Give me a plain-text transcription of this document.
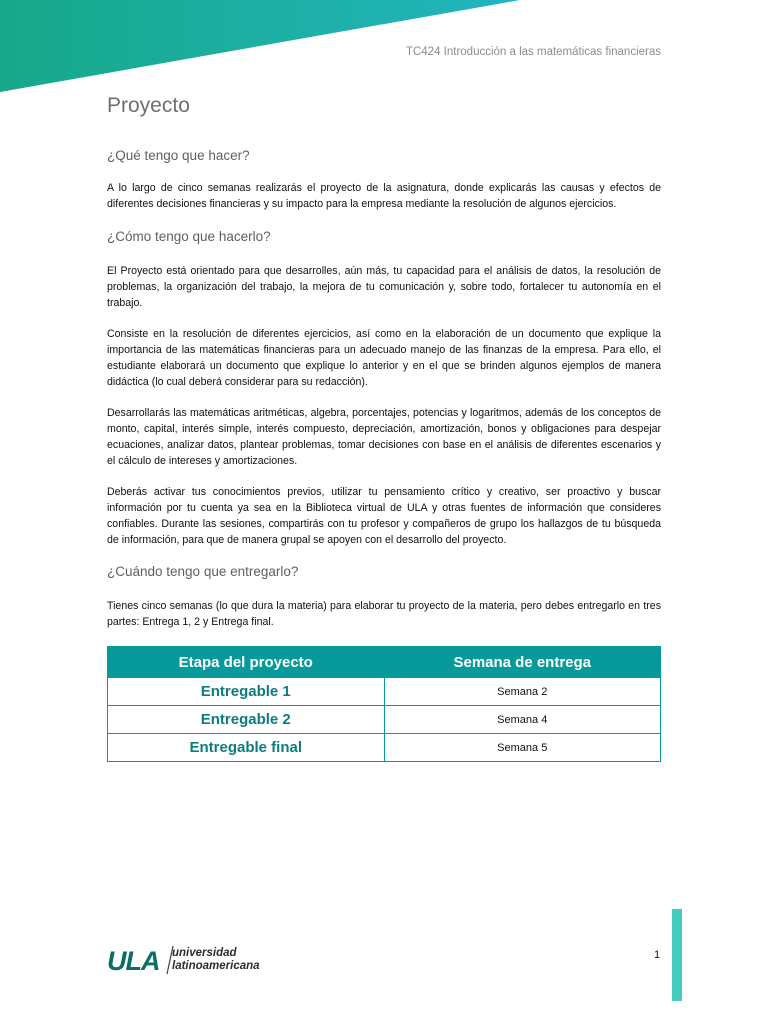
TC424 Introducción a las matemáticas financieras
Proyecto
¿Qué tengo que hacer?

A lo largo de cinco semanas realizarás el proyecto de la asignatura, donde explicarás las causas y efectos de diferentes decisiones financieras y su impacto para la empresa mediante la resolución de algunos ejercicios.

¿Cómo tengo que hacerlo?

El Proyecto está orientado para que desarrolles, aún más, tu capacidad para el análisis de datos, la resolución de problemas, la organización del trabajo, la mejora de tu comunicación y, sobre todo, fortalecer tu autonomía en el trabajo.

Consiste en la resolución de diferentes ejercicios, así como en la elaboración de un documento que explique la importancia de las matemáticas financieras para un adecuado manejo de las finanzas de la empresa. Para ello, el estudiante elaborará un documento que explique lo anterior y en el que se brinden algunos ejemplos de manera didáctica (lo cual deberá considerar para su redacción).

Desarrollarás las matemáticas aritméticas, algebra, porcentajes, potencias y logaritmos, además de los conceptos de monto, capital, interés simple, interés compuesto, depreciación, amortización, bonos y obligaciones para despejar ecuaciones, analizar datos, plantear problemas, tomar decisiones con base en el análisis de diferentes escenarios y el cálculo de intereses y amortizaciones.

Deberás activar tus conocimientos previos, utilizar tu pensamiento crítico y creativo, ser proactivo y buscar información por tu cuenta ya sea en la Biblioteca virtual de ULA y otras fuentes de información que consideres confiables. Durante las sesiones, compartirás con tu profesor y compañeros de grupo los hallazgos de tu búsqueda de información, para que de manera grupal se apoyen con el desarrollo del proyecto.

¿Cuándo tengo que entregarlo?

Tienes cinco semanas (lo que dura la materia) para elaborar tu proyecto de la materia, pero debes entregarlo en tres partes: Entrega 1, 2 y Entrega final.

Etapa del proyecto	Semana de entrega
Entregable 1	Semana 2
Entregable 2	Semana 4
Entregable final	Semana 5
ULA universidad
latinoamericana

1
